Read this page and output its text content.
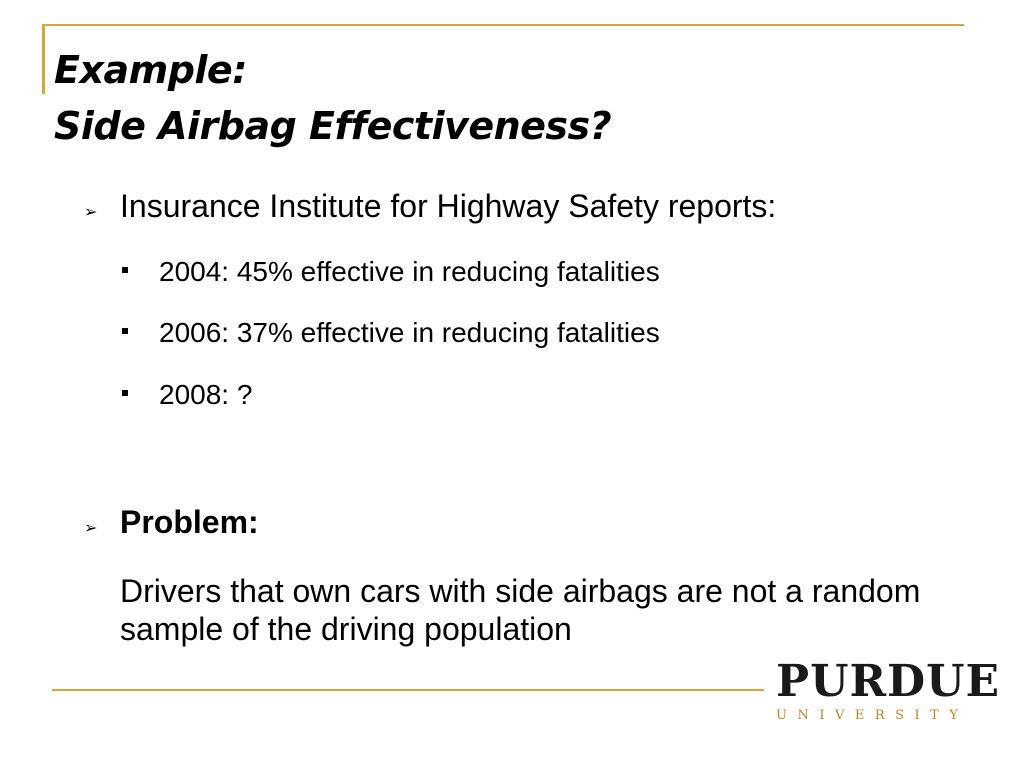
Example:
Side Airbag Effectiveness?
➢ Insurance Institute for Highway Safety reports:
2004: 45% effective in reducing fatalities
2006: 37% effective in reducing fatalities
2008: ?
➢ Problem:

Drivers that own cars with side airbags are not a random sample of the driving population

PURDUE
UNIVERSITY
